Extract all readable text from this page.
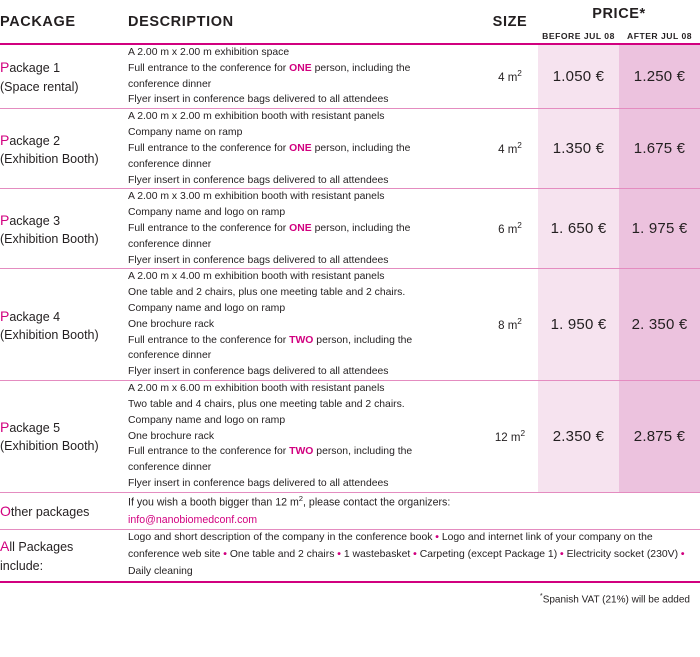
PACKAGE	DESCRIPTION	SIZE	PRICE*
BEFORE JUL 08 AFTER JUL 08	

Package 1
(Space rental)	A 2.00 m x 2.00 m exhibition space
Full entrance to the conference for ONE person, including the
conference dinner
Flyer insert in conference bags delivered to all attendees	4 $m^2$	1.050 €	1.250 €
Package 2
(Exhibition Booth)	A 2.00 m x 2.00 m exhibition booth with resistant panels
Company name on ramp
Full entrance to the conference for ONE person, including the
conference dinner
Flyer insert in conference bags delivered to all attendees	4 $m^2$	1.350 €	1.675 €
Package 3
(Exhibition Booth)	A 2.00 m x 3.00 m exhibition booth with resistant panels
Company name and logo on ramp
Full entrance to the conference for ONE person, including the
conference dinner
Flyer insert in conference bags delivered to all attendees	6 $m^2$	1. 650 €	1. 975 €
Package 4
(Exhibition Booth)	A 2.00 m x 4.00 m exhibition booth with resistant panels
One table and 2 chairs, plus one meeting table and 2 chairs.
Company name and logo on ramp
One brochure rack
Full entrance to the conference for TWO person, including the
conference dinner
Flyer insert in conference bags delivered to all attendees	8 $m^2$	1. 950 €	2. 350 €
Package 5
(Exhibition Booth)	A 2.00 m x 6.00 m exhibition booth with resistant panels
Two table and 4 chairs, plus one meeting table and 2 chairs.
Company name and logo on ramp
One brochure rack
Full entrance to the conference for TWO person, including the
conference dinner
Flyer insert in conference bags delivered to all attendees	12 $m^2$	2.350 €	2.875 €
Other packages	If you wish a booth bigger than 12 $m^2$, please contact the organizers:
info@nanobiomedconf.com			
All Packages
include:	Logo and short description of the company in the conference book • Logo and internet link of your company on the conference web site • One table and 2 chairs • 1 wastebasket • Carpeting (except Package 1) • Electricity socket (230V) • Daily cleaning			
*Spanish VAT (21%) will be added
